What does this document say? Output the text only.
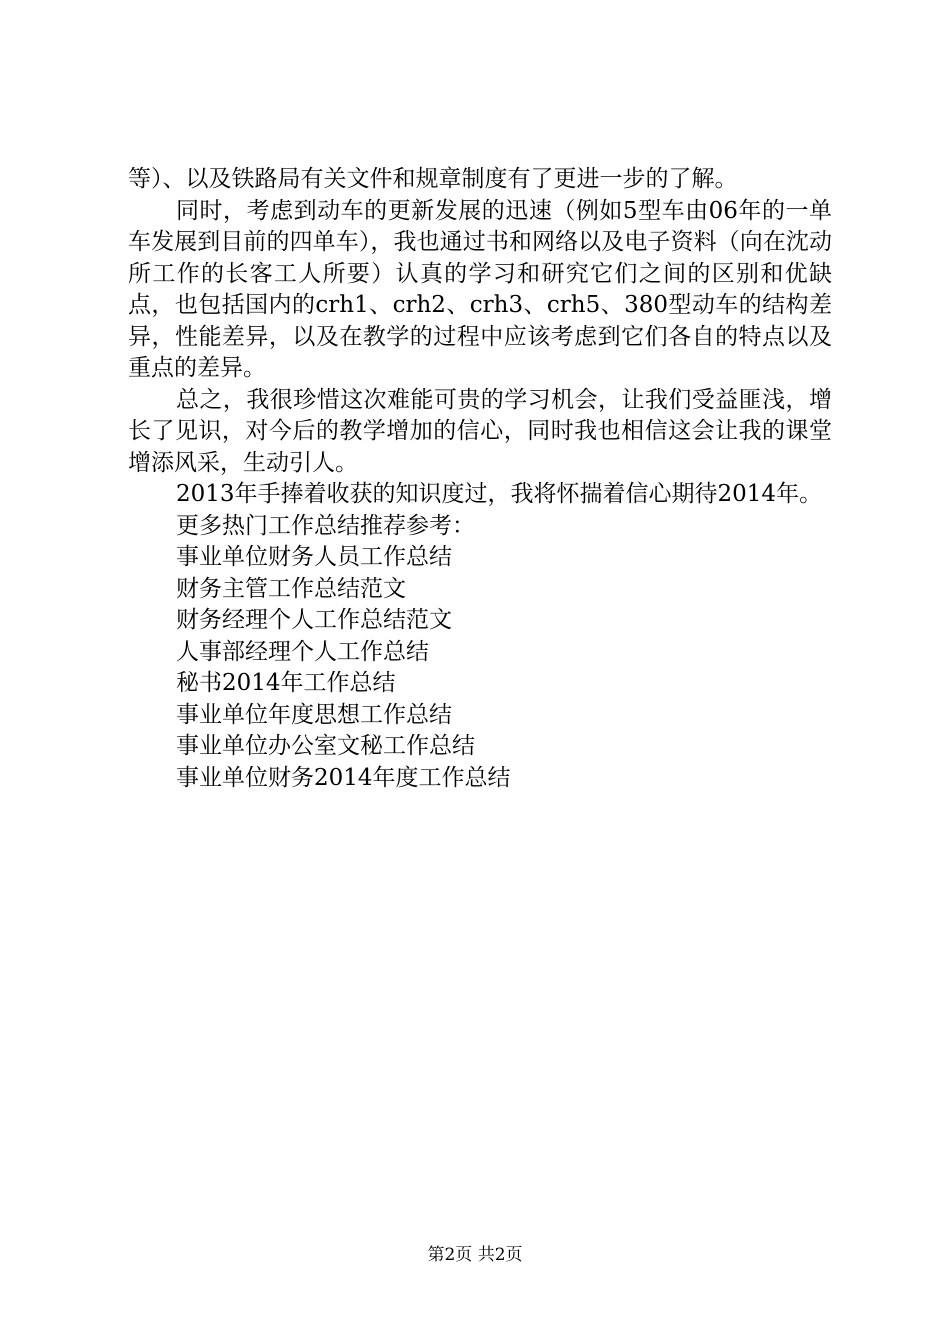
等）、以及铁路局有关文件和规章制度有了更进一步的了解。

同时，考虑到动车的更新发展的迅速（例如5型车由06年的一单车发展到目前的四单车），我也通过书和网络以及电子资料（向在沈动所工作的长客工人所要）认真的学习和研究它们之间的区别和优缺点，也包括国内的crh1、crh2、crh3、crh5、380型动车的结构差异，性能差异，以及在教学的过程中应该考虑到它们各自的特点以及重点的差异。

总之，我很珍惜这次难能可贵的学习机会，让我们受益匪浅，增长了见识，对今后的教学增加的信心，同时我也相信这会让我的课堂增添风采，生动引人。

2013年手捧着收获的知识度过，我将怀揣着信心期待2014年。

更多热门工作总结推荐参考：

事业单位财务人员工作总结
财务主管工作总结范文
财务经理个人工作总结范文
人事部经理个人工作总结
秘书2014年工作总结
事业单位年度思想工作总结
事业单位办公室文秘工作总结
事业单位财务2014年度工作总结
第2页 共2页
